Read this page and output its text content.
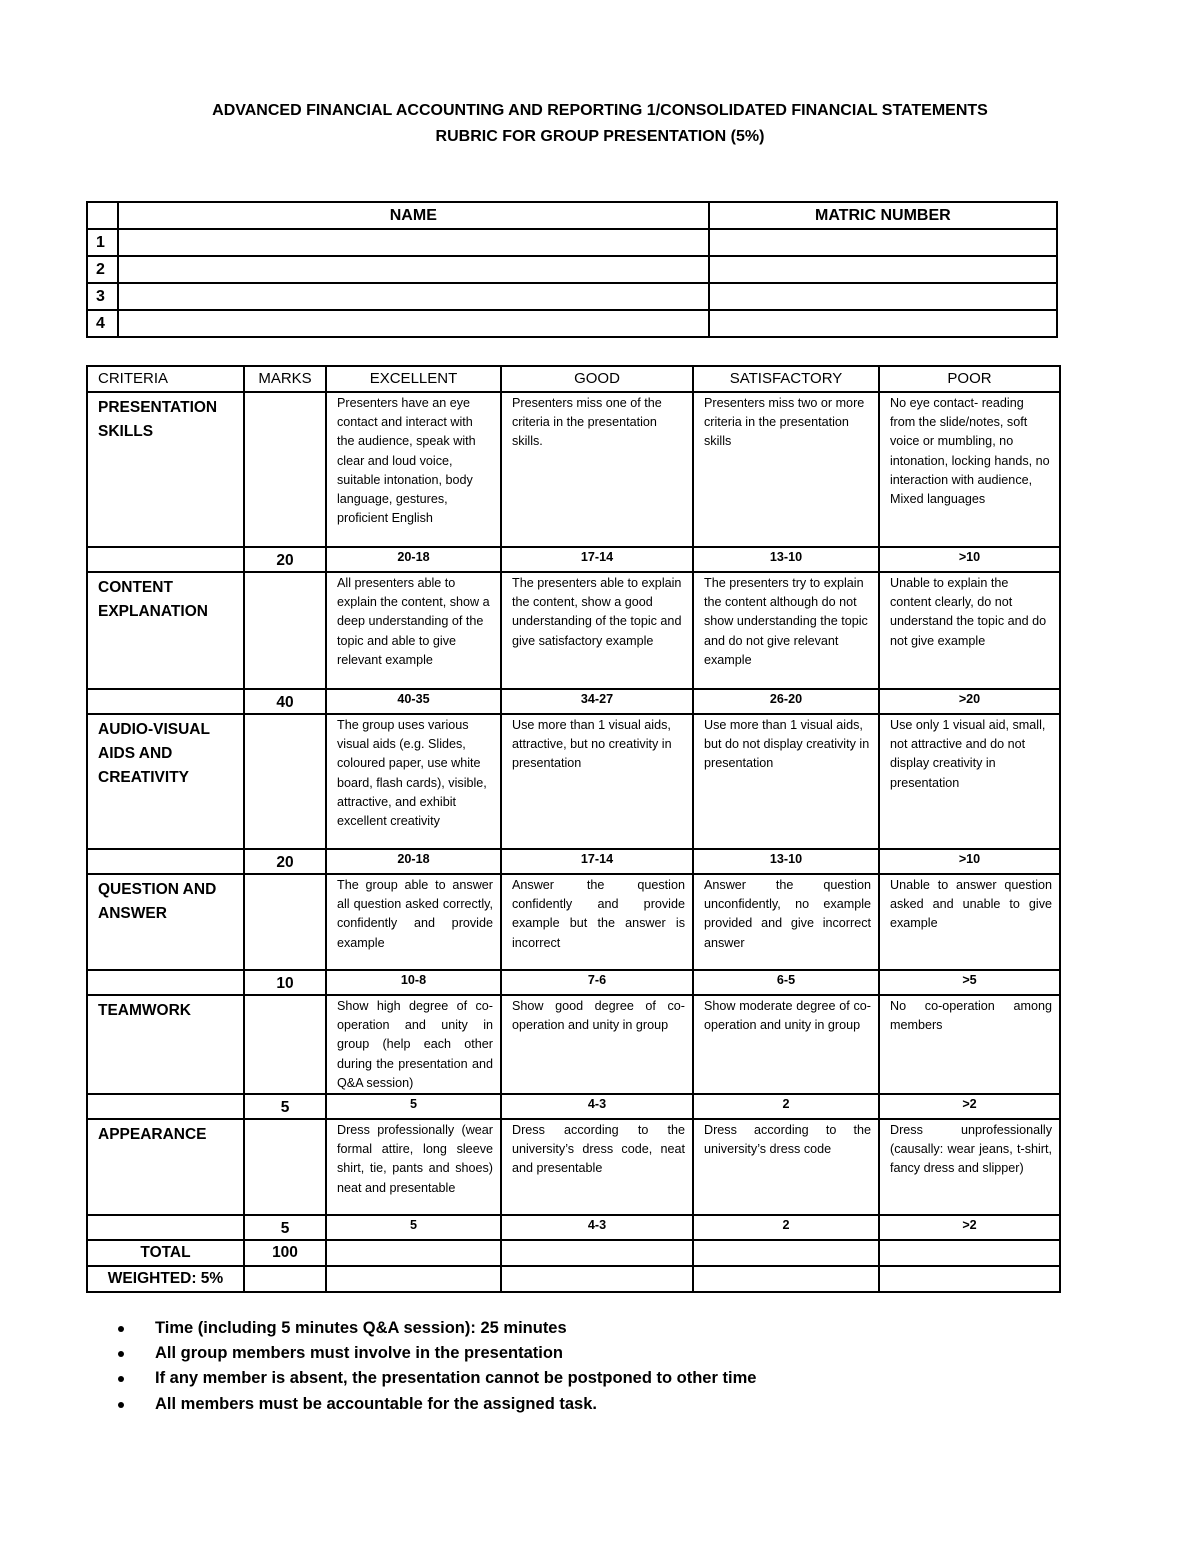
ADVANCED FINANCIAL ACCOUNTING AND REPORTING 1/CONSOLIDATED FINANCIAL STATEMENTS
RUBRIC FOR GROUP PRESENTATION (5%)
	NAME	MATRIC NUMBER
1		
2		
3		
4		
CRITERIA	MARKS	EXCELLENT	GOOD	SATISFACTORY	POOR
PRESENTATION SKILLS		Presenters have an eye contact and interact with the audience, speak with clear and loud voice, suitable intonation, body language, gestures, proficient English	Presenters miss one of the criteria in the presentation skills.	Presenters miss two or more criteria in the presentation skills	No eye contact- reading from the slide/notes, soft voice or mumbling, no intonation, locking hands, no interaction with audience, Mixed languages
	20	20-18	17-14	13-10	>10
CONTENT EXPLANATION		All presenters able to explain the content, show a deep understanding of the topic and able to give relevant example	The presenters able to explain the content, show a good understanding of the topic and give satisfactory example	The presenters try to explain the content although do not show understanding the topic and do not give relevant example	Unable to explain the content clearly, do not understand the topic and do not give example
	40	40-35	34-27	26-20	>20
AUDIO-VISUAL AIDS AND CREATIVITY		The group uses various visual aids (e.g. Slides, coloured paper, use white board, flash cards), visible, attractive, and exhibit excellent creativity	Use more than 1 visual aids, attractive, but no creativity in presentation	Use more than 1 visual aids, but do not display creativity in presentation	Use only 1 visual aid, small, not attractive and do not display creativity in presentation
	20	20-18	17-14	13-10	>10
QUESTION AND ANSWER		The group able to answer all question asked correctly, confidently and provide example	Answer the question confidently and provide example but the answer is incorrect	Answer the question unconfidently, no example provided and give incorrect answer	Unable to answer question asked and unable to give example
	10	10-8	7-6	6-5	>5
TEAMWORK		Show high degree of co-operation and unity in group (help each other during the presentation and Q&A session)	Show good degree of co-operation and unity in group	Show moderate degree of co-operation and unity in group	No co-operation among members
	5	5	4-3	2	>2
APPEARANCE		Dress professionally (wear formal attire, long sleeve shirt, tie, pants and shoes) neat and presentable	Dress according to the university’s dress code, neat and presentable	Dress according to the university’s dress code	Dress unprofessionally (causally: wear jeans, t-shirt, fancy dress and slipper)
	5	5	4-3	2	>2
TOTAL	100				
WEIGHTED: 5%					
Time (including 5 minutes Q&A session): 25 minutes
All group members must involve in the presentation
If any member is absent, the presentation cannot be postponed to other time
All members must be accountable for the assigned task.
